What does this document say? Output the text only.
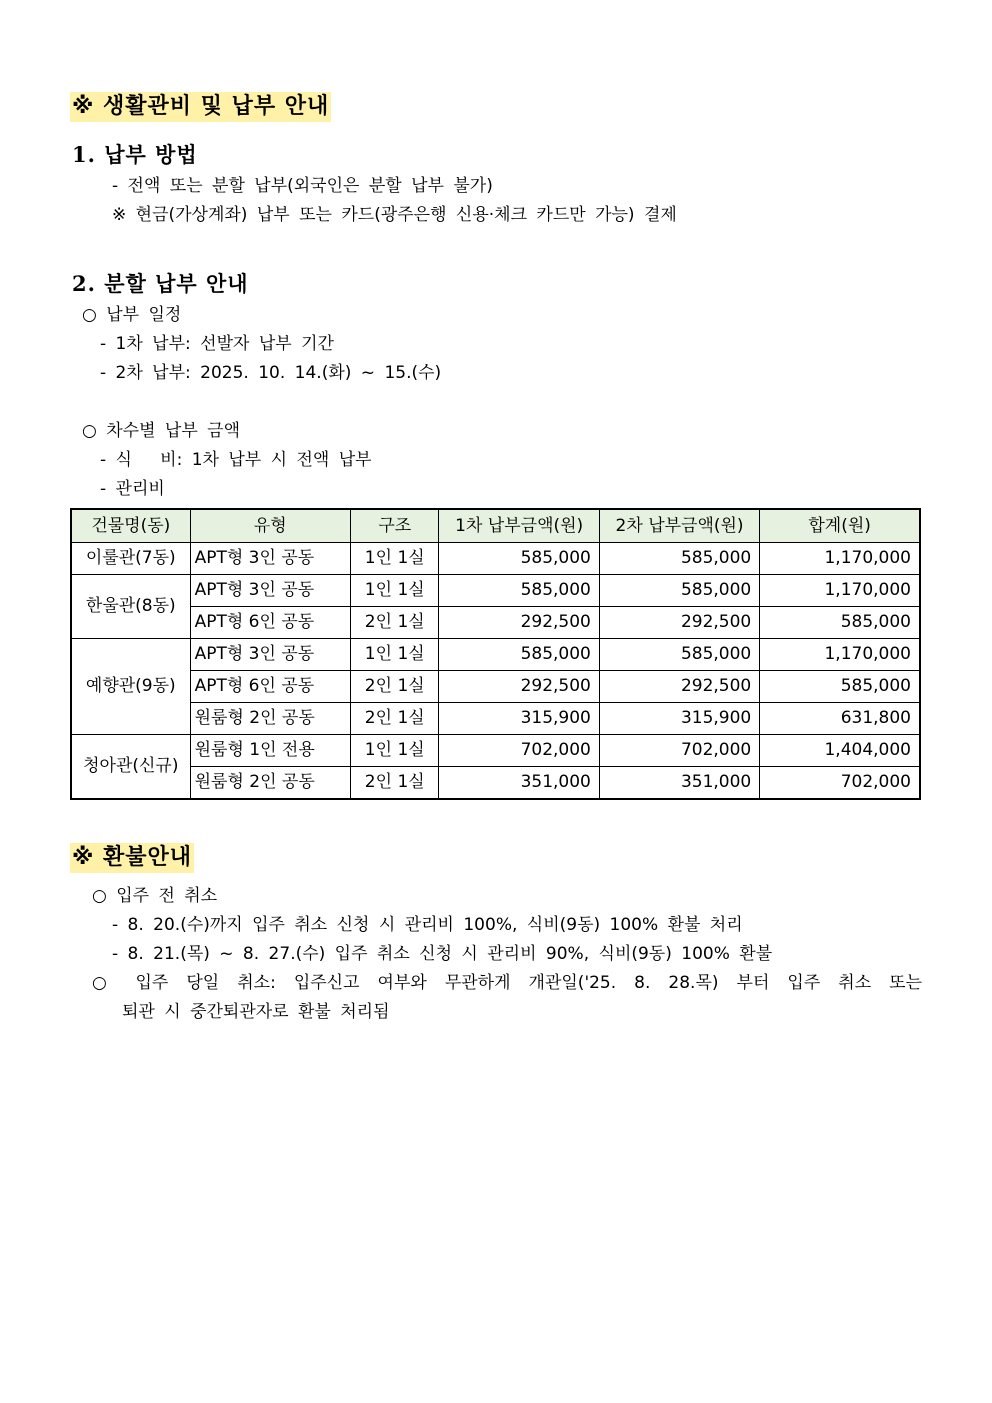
※ 생활관비 및 납부 안내
1. 납부 방법
- 전액 또는 분할 납부(외국인은 분할 납부 불가)
※ 현금(가상계좌) 납부 또는 카드(광주은행 신용·체크 카드만 가능) 결제
2. 분할 납부 안내
○ 납부 일정
- 1차 납부: 선발자 납부 기간
- 2차 납부: 2025. 10. 14.(화) ~ 15.(수)
○ 차수별 납부 금액
- 식   비: 1차 납부 시 전액 납부
- 관리비
건물명(동)	유형	구조	1차 납부금액(원)	2차 납부금액(원)	합계(원)
이룰관(7동)	APT형 3인 공동	1인 1실	585,000	585,000	1,170,000
한울관(8동)	APT형 3인 공동	1인 1실	585,000	585,000	1,170,000
	APT형 6인 공동	2인 1실	292,500	292,500	585,000
예향관(9동)	APT형 3인 공동	1인 1실	585,000	585,000	1,170,000
	APT형 6인 공동	2인 1실	292,500	292,500	585,000
	원룸형 2인 공동	2인 1실	315,900	315,900	631,800
청아관(신규)	원룸형 1인 전용	1인 1실	702,000	702,000	1,404,000
	원룸형 2인 공동	2인 1실	351,000	351,000	702,000
※ 환불안내
○ 입주 전 취소
- 8. 20.(수)까지 입주 취소 신청 시 관리비 100%, 식비(9동) 100% 환불 처리
- 8. 21.(목) ~ 8. 27.(수) 입주 취소 신청 시 관리비 90%, 식비(9동) 100% 환불
○ 입주 당일 취소: 입주신고 여부와 무관하게 개관일('25. 8. 28.목) 부터 입주 취소 또는
퇴관 시 중간퇴관자로 환불 처리됨
